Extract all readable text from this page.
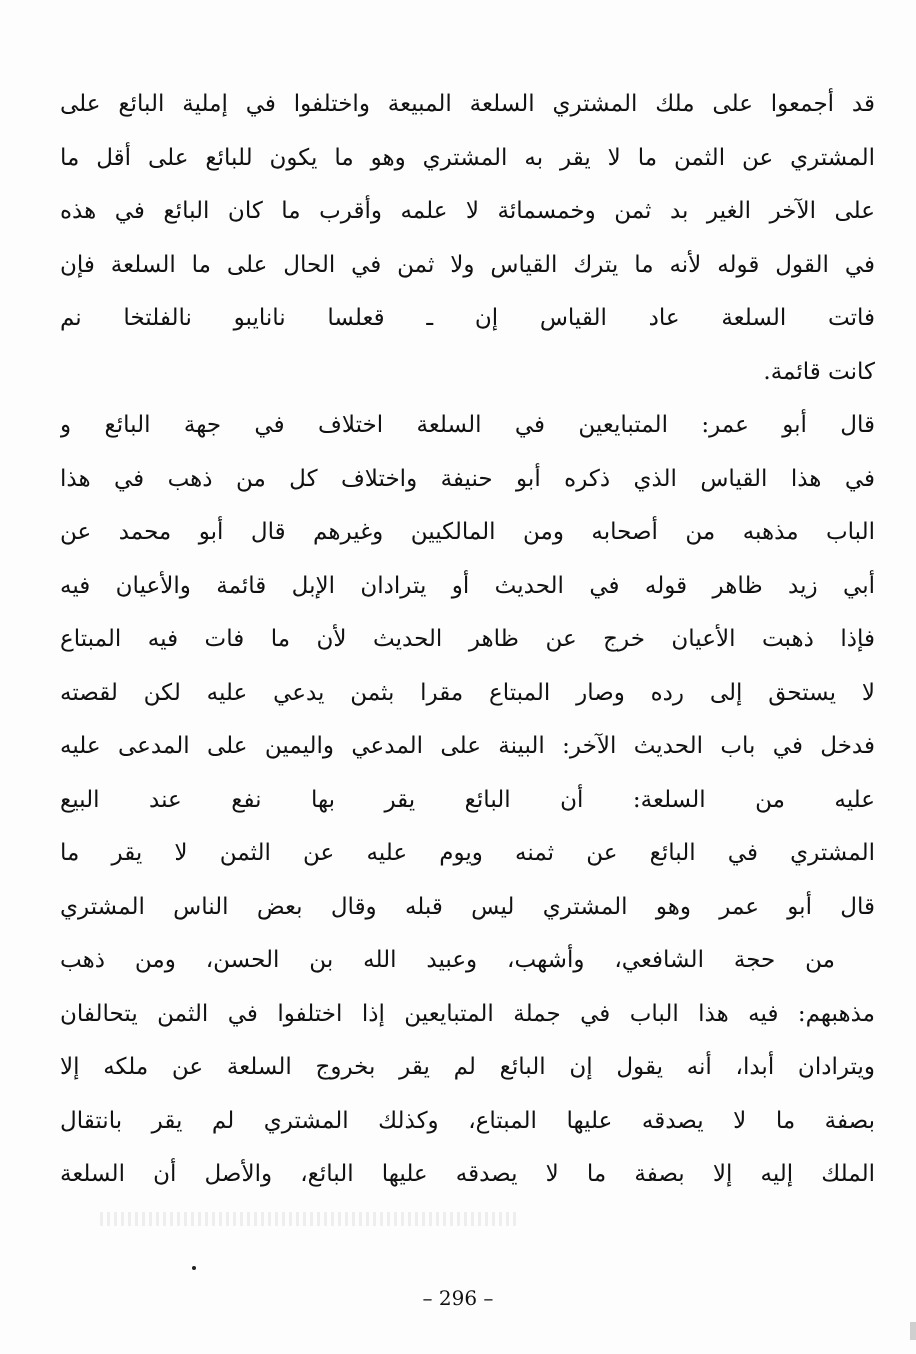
قد أجمعوا على ملك المشتري السلعة المبيعة واختلفوا في إملية البائع على
المشتري عن الثمن ما لا يقر به المشتري وهو ما يكون للبائع على أقل ما
على الآخر الغير بد ثمن وخمسمائة لا علمه وأقرب ما كان البائع في هذه
في القول قوله لأنه ما يترك القياس ولا ثمن في الحال على ما السلعة فإن
فاتت السلعة عاد القياس إن ـ قعلسا نانايبو نالفلتخا نم
كانت قائمة.
قال أبو عمر: المتبايعين في السلعة اختلاف في جهة البائع و
في هذا القياس الذي ذكره أبو حنيفة واختلاف كل من ذهب في هذا
الباب مذهبه من أصحابه ومن المالكيين وغيرهم قال أبو محمد عن
أبي زيد ظاهر قوله في الحديث أو يترادان الإبل قائمة والأعيان فيه
فإذا ذهبت الأعيان خرج عن ظاهر الحديث لأن ما فات فيه المبتاع
لا يستحق إلى رده وصار المبتاع مقرا بثمن يدعي عليه لكن لقصته
فدخل في باب الحديث الآخر: البينة على المدعي واليمين على المدعى عليه
عليه من السلعة: أن البائع يقر بها نفع عند البيع
المشتري في البائع عن ثمنه ويوم عليه عن الثمن لا يقر ما
قال أبو عمر وهو المشتري ليس قبله وقال بعض الناس المشتري
من حجة الشافعي، وأشهب، وعبيد الله بن الحسن، ومن ذهب
مذهبهم: فيه هذا الباب في جملة المتبايعين إذا اختلفوا في الثمن يتحالفان
ويترادان أبدا، أنه يقول إن البائع لم يقر بخروج السلعة عن ملكه إلا
بصفة ما لا يصدقه عليها المبتاع، وكذلك المشتري لم يقر بانتقال
الملك إليه إلا بصفة ما لا يصدقه عليها البائع، والأصل أن السلعة
– 296 –
